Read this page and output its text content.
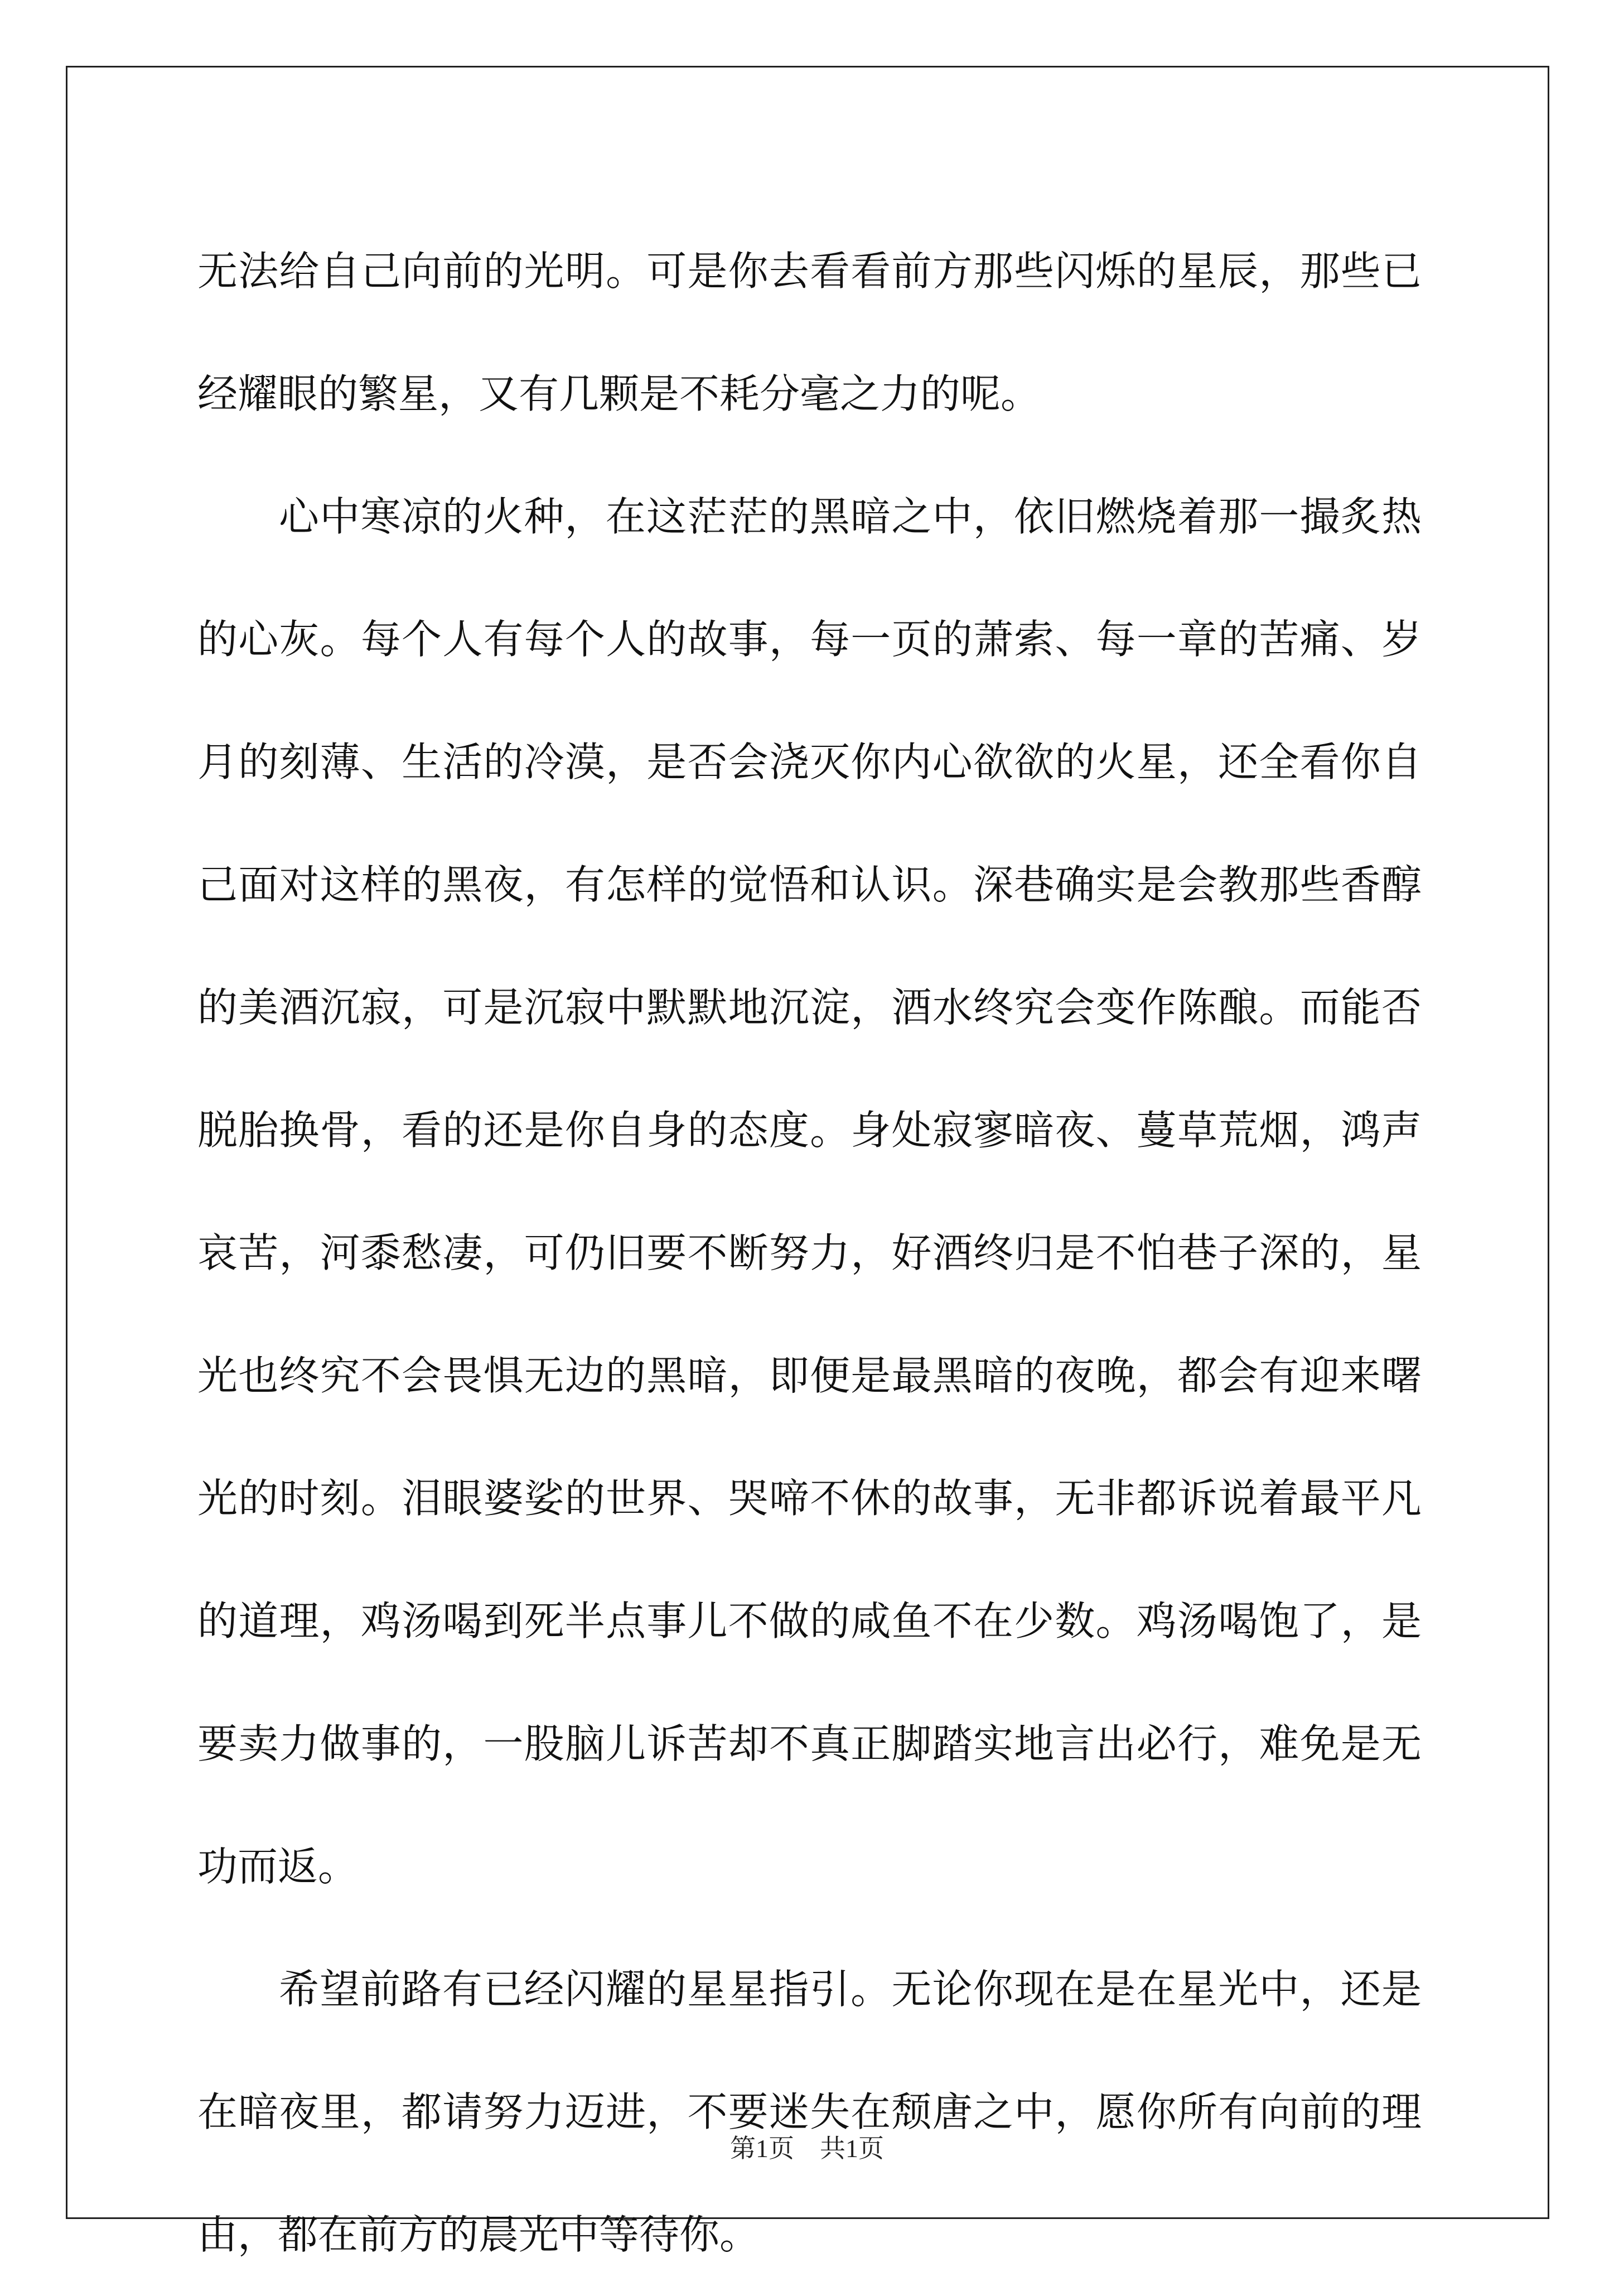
无法给自己向前的光明。可是你去看看前方那些闪烁的星辰，那些已
经耀眼的繁星，又有几颗是不耗分毫之力的呢。
心中寒凉的火种，在这茫茫的黑暗之中，依旧燃烧着那一撮炙热
的心灰。每个人有每个人的故事，每一页的萧索、每一章的苦痛、岁
月的刻薄、生活的冷漠，是否会浇灭你内心欲欲的火星，还全看你自
己面对这样的黑夜，有怎样的觉悟和认识。深巷确实是会教那些香醇
的美酒沉寂，可是沉寂中默默地沉淀，酒水终究会变作陈酿。而能否
脱胎换骨，看的还是你自身的态度。身处寂寥暗夜、蔓草荒烟，鸿声
哀苦，河黍愁凄，可仍旧要不断努力，好酒终归是不怕巷子深的，星
光也终究不会畏惧无边的黑暗，即便是最黑暗的夜晚，都会有迎来曙
光的时刻。泪眼婆娑的世界、哭啼不休的故事，无非都诉说着最平凡
的道理，鸡汤喝到死半点事儿不做的咸鱼不在少数。鸡汤喝饱了，是
要卖力做事的，一股脑儿诉苦却不真正脚踏实地言出必行，难免是无
功而返。
希望前路有已经闪耀的星星指引。无论你现在是在星光中，还是
在暗夜里，都请努力迈进，不要迷失在颓唐之中，愿你所有向前的理
由，都在前方的晨光中等待你。
第1页　共1页
